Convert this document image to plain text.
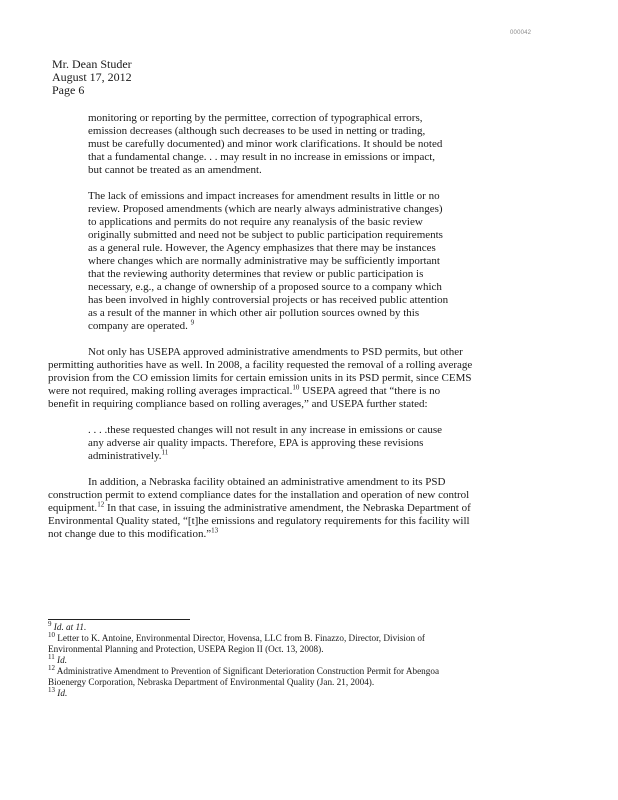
000042
Mr. Dean Studer
August 17, 2012
Page 6
monitoring or reporting by the permittee, correction of typographical errors,
emission decreases (although such decreases to be used in netting or trading,
must be carefully documented) and minor work clarifications. It should be noted
that a fundamental change. . . may result in no increase in emissions or impact,
but cannot be treated as an amendment.
The lack of emissions and impact increases for amendment results in little or no
review. Proposed amendments (which are nearly always administrative changes)
to applications and permits do not require any reanalysis of the basic review
originally submitted and need not be subject to public participation requirements
as a general rule. However, the Agency emphasizes that there may be instances
where changes which are normally administrative may be sufficiently important
that the reviewing authority determines that review or public participation is
necessary, e.g., a change of ownership of a proposed source to a company which
has been involved in highly controversial projects or has received public attention
as a result of the manner in which other air pollution sources owned by this
company are operated. $^9$
Not only has USEPA approved administrative amendments to PSD permits, but other
permitting authorities have as well. In 2008, a facility requested the removal of a rolling average
provision from the CO emission limits for certain emission units in its PSD permit, since CEMS
were not required, making rolling averages impractical.$^{10}$ USEPA agreed that “there is no
benefit in requiring compliance based on rolling averages,” and USEPA further stated:
. . . .these requested changes will not result in any increase in emissions or cause
any adverse air quality impacts. Therefore, EPA is approving these revisions
administratively.$^{11}$
In addition, a Nebraska facility obtained an administrative amendment to its PSD
construction permit to extend compliance dates for the installation and operation of new control
equipment.$^{12}$ In that case, in issuing the administrative amendment, the Nebraska Department of
Environmental Quality stated, “[t]he emissions and regulatory requirements for this facility will
not change due to this modification.”$^{13}$
$^9$ Id. at 11.
$^{10}$ Letter to K. Antoine, Environmental Director, Hovensa, LLC from B. Finazzo, Director, Division of
Environmental Planning and Protection, USEPA Region II (Oct. 13, 2008).
$^{11}$ Id.
$^{12}$ Administrative Amendment to Prevention of Significant Deterioration Construction Permit for Abengoa
Bioenergy Corporation, Nebraska Department of Environmental Quality (Jan. 21, 2004).
$^{13}$ Id.
